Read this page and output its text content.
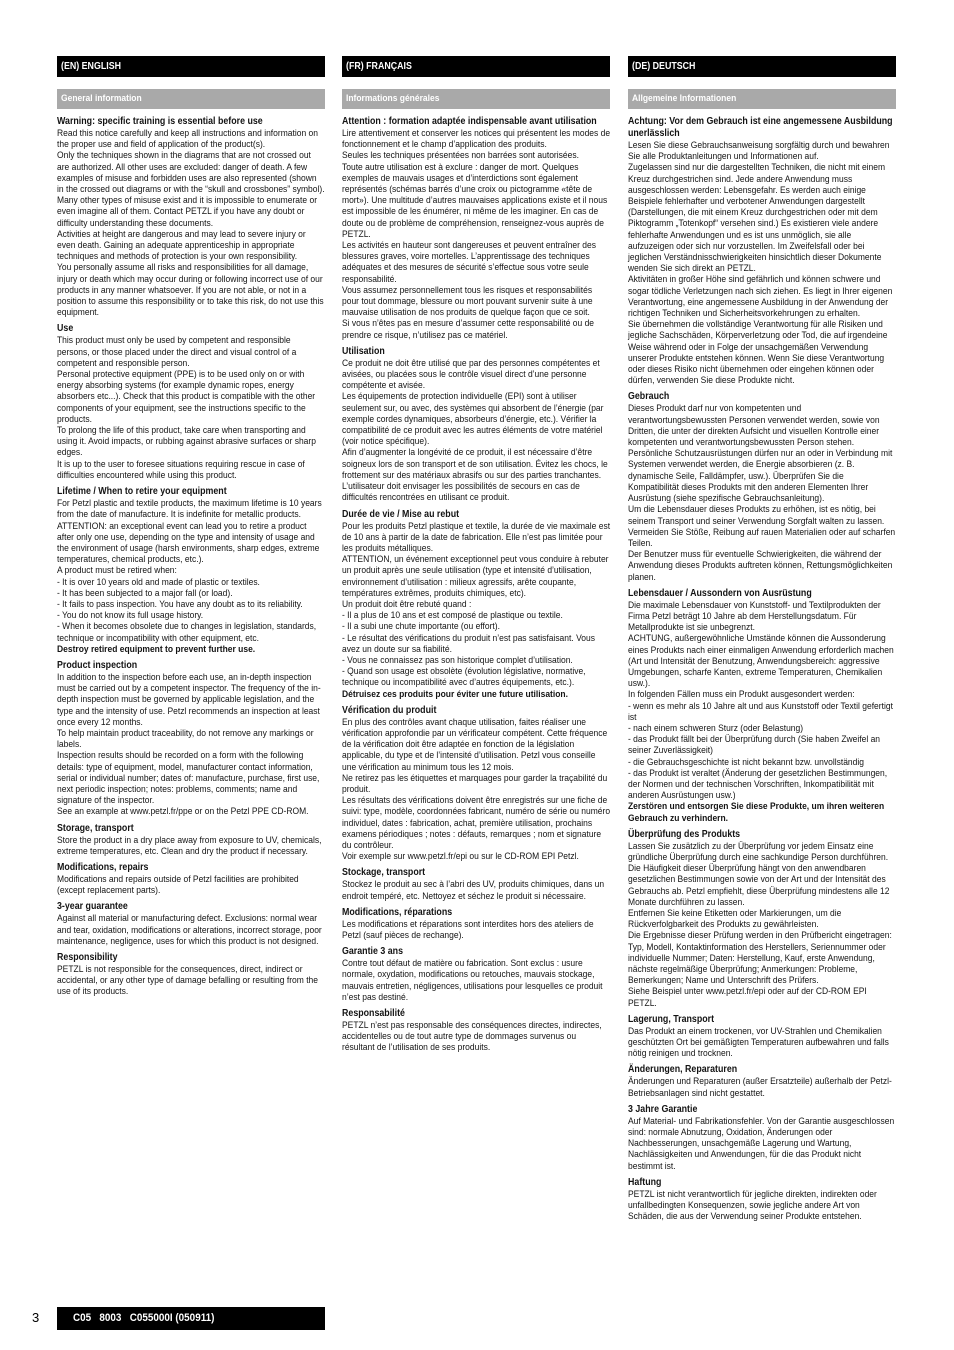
(EN) ENGLISH
General information
Warning: specific training is essential before use
Read this notice carefully and keep all instructions and information on the proper use and field of application of the product(s).
Only the techniques shown in the diagrams that are not crossed out are authorized. All other uses are excluded: danger of death. A few examples of misuse and forbidden uses are also represented (shown in the crossed out diagrams or with the “skull and crossbones” symbol). Many other types of misuse exist and it is impossible to enumerate or even imagine all of them. Contact PETZL if you have any doubt or difficulty understanding these documents.
Activities at height are dangerous and may lead to severe injury or even death. Gaining an adequate apprenticeship in appropriate techniques and methods of protection is your own responsibility.
You personally assume all risks and responsibilities for all damage, injury or death which may occur during or following incorrect use of our products in any manner whatsoever. If you are not able, or not in a position to assume this responsibility or to take this risk, do not use this equipment.
Use
This product must only be used by competent and responsible persons, or those placed under the direct and visual control of a competent and responsible person.
Personal protective equipment (PPE) is to be used only on or with energy absorbing systems (for example dynamic ropes, energy absorbers etc...). Check that this product is compatible with the other components of your equipment, see the instructions specific to the products.
To prolong the life of this product, take care when transporting and using it. Avoid impacts, or rubbing against abrasive surfaces or sharp edges.
It is up to the user to foresee situations requiring rescue in case of difficulties encountered while using this product.
Lifetime / When to retire your equipment
For Petzl plastic and textile products, the maximum lifetime is 10 years from the date of manufacture. It is indefinite for metallic products.
ATTENTION: an exceptional event can lead you to retire a product after only one use, depending on the type and intensity of usage and the environment of usage (harsh environments, sharp edges, extreme temperatures, chemical products, etc.).
A product must be retired when:
- It is over 10 years old and made of plastic or textiles.
- It has been subjected to a major fall (or load).
- It fails to pass inspection. You have any doubt as to its reliability.
- You do not know its full usage history.
- When it becomes obsolete due to changes in legislation, standards, technique or incompatibility with other equipment, etc.
Destroy retired equipment to prevent further use.
Product inspection
In addition to the inspection before each use, an in-depth inspection must be carried out by a competent inspector. The frequency of the in-depth inspection must be governed by applicable legislation, and the type and the intensity of use. Petzl recommends an inspection at least once every 12 months.
To help maintain product traceability, do not remove any markings or labels.
Inspection results should be recorded on a form with the following details: type of equipment, model, manufacturer contact information, serial or individual number; dates of: manufacture, purchase, first use, next periodic inspection; notes: problems, comments; name and signature of the inspector.
See an example at www.petzl.fr/ppe or on the Petzl PPE CD-ROM.
Storage, transport
Store the product in a dry place away from exposure to UV, chemicals, extreme temperatures, etc. Clean and dry the product if necessary.
Modifications, repairs
Modifications and repairs outside of Petzl facilities are prohibited (except replacement parts).
3-year guarantee
Against all material or manufacturing defect. Exclusions: normal wear and tear, oxidation, modifications or alterations, incorrect storage, poor maintenance, negligence, uses for which this product is not designed.
Responsibility
PETZL is not responsible for the consequences, direct, indirect or accidental, or any other type of damage befalling or resulting from the use of its products.
(FR) FRANÇAIS
Informations générales
Attention : formation adaptée indispensable avant utilisation
Lire attentivement et conserver les notices qui présentent les modes de fonctionnement et le champ d’application des produits.
Seules les techniques présentées non barrées sont autorisées.
Toute autre utilisation est à exclure : danger de mort. Quelques exemples de mauvais usages et d’interdictions sont également représentés (schémas barrés d’une croix ou pictogramme «tête de mort»). Une multitude d’autres mauvaises applications existe et il nous est impossible de les énumérer, ni même de les imaginer. En cas de doute ou de problème de compréhension, renseignez-vous auprès de PETZL.
Les activités en hauteur sont dangereuses et peuvent entraîner des blessures graves, voire mortelles. L’apprentissage des techniques adéquates et des mesures de sécurité s’effectue sous votre seule responsabilité.
Vous assumez personnellement tous les risques et responsabilités pour tout dommage, blessure ou mort pouvant survenir suite à une mauvaise utilisation de nos produits de quelque façon que ce soit.
Si vous n’êtes pas en mesure d’assumer cette responsabilité ou de prendre ce risque, n’utilisez pas ce matériel.
Utilisation
Ce produit ne doit être utilisé que par des personnes compétentes et avisées, ou placées sous le contrôle visuel direct d’une personne compétente et avisée.
Les équipements de protection individuelle (EPI) sont à utiliser seulement sur, ou avec, des systèmes qui absorbent de l’énergie (par exemple cordes dynamiques, absorbeurs d’énergie, etc.). Vérifier la compatibilité de ce produit avec les autres éléments de votre matériel (voir notice spécifique).
Afin d’augmenter la longévité de ce produit, il est nécessaire d’être soigneux lors de son transport et de son utilisation. Évitez les chocs, le frottement sur des matériaux abrasifs ou sur des parties tranchantes.
L’utilisateur doit envisager les possibilités de secours en cas de difficultés rencontrées en utilisant ce produit.
Durée de vie / Mise au rebut
Pour les produits Petzl plastique et textile, la durée de vie maximale est de 10 ans à partir de la date de fabrication. Elle n’est pas limitée pour les produits métalliques.
ATTENTION, un événement exceptionnel peut vous conduire à rebuter un produit après une seule utilisation (type et intensité d’utilisation, environnement d’utilisation : milieux agressifs, arête coupante, températures extrêmes, produits chimiques, etc).
Un produit doit être rebuté quand :
- Il a plus de 10 ans et est composé de plastique ou textile.
- Il a subi une chute importante (ou effort).
- Le résultat des vérifications du produit n’est pas satisfaisant. Vous avez un doute sur sa fiabilité.
- Vous ne connaissez pas son historique complet d’utilisation.
- Quand son usage est obsolète (évolution législative, normative, technique ou incompatibilité avec d’autres équipements, etc.).
Détruisez ces produits pour éviter une future utilisation.
Vérification du produit
En plus des contrôles avant chaque utilisation, faites réaliser une vérification approfondie par un vérificateur compétent. Cette fréquence de la vérification doit être adaptée en fonction de la législation applicable, du type et de l’intensité d’utilisation. Petzl vous conseille une vérification au minimum tous les 12 mois.
Ne retirez pas les étiquettes et marquages pour garder la traçabilité du produit.
Les résultats des vérifications doivent être enregistrés sur une fiche de suivi: type, modèle, coordonnées fabricant, numéro de série ou numéro individuel, dates : fabrication, achat, première utilisation, prochains examens périodiques ; notes : défauts, remarques ; nom et signature du contrôleur.
Voir exemple sur www.petzl.fr/epi ou sur le CD-ROM EPI Petzl.
Stockage, transport
Stockez le produit au sec à l’abri des UV, produits chimiques, dans un endroit tempéré, etc. Nettoyez et séchez le produit si nécessaire.
Modifications, réparations
Les modifications et réparations sont interdites hors des ateliers de Petzl (sauf pièces de rechange).
Garantie 3 ans
Contre tout défaut de matière ou fabrication. Sont exclus : usure normale, oxydation, modifications ou retouches, mauvais stockage, mauvais entretien, négligences, utilisations pour lesquelles ce produit n’est pas destiné.
Responsabilité
PETZL n’est pas responsable des conséquences directes, indirectes, accidentelles ou de tout autre type de dommages survenus ou résultant de l’utilisation de ses produits.
(DE) DEUTSCH
Allgemeine Informationen
Achtung: Vor dem Gebrauch ist eine angemessene Ausbildung unerlässlich
Lesen Sie diese Gebrauchsanweisung sorgfältig durch und bewahren Sie alle Produktanleitungen und Informationen auf.
Zugelassen sind nur die dargestellten Techniken, die nicht mit einem Kreuz durchgestrichen sind. Jede andere Anwendung muss ausgeschlossen werden: Lebensgefahr. Es werden auch einige Beispiele fehlerhafter und verbotener Anwendungen dargestellt (Darstellungen, die mit einem Kreuz durchgestrichen oder mit dem Piktogramm „Totenkopf“ versehen sind.) Es existieren viele andere fehlerhafte Anwendungen und es ist uns unmöglich, sie alle aufzuzeigen oder sich nur vorzustellen. Im Zweifelsfall oder bei jeglichen Verständnisschwierigkeiten hinsichtlich dieser Dokumente wenden Sie sich direkt an PETZL.
Aktivitäten in großer Höhe sind gefährlich und können schwere und sogar tödliche Verletzungen nach sich ziehen. Es liegt in Ihrer eigenen Verantwortung, eine angemessene Ausbildung in der Anwendung der richtigen Techniken und Sicherheitsvorkehrungen zu erhalten.
Sie übernehmen die vollständige Verantwortung für alle Risiken und jegliche Sachschäden, Körperverletzung oder Tod, die auf irgendeine Weise während oder in Folge der unsachgemäßen Verwendung unserer Produkte entstehen können. Wenn Sie diese Verantwortung oder dieses Risiko nicht übernehmen oder eingehen können oder dürfen, verwenden Sie diese Produkte nicht.
Gebrauch
Dieses Produkt darf nur von kompetenten und verantwortungsbewussten Personen verwendet werden, sowie von Dritten, die unter der direkten Aufsicht und visuellen Kontrolle einer kompetenten und verantwortungsbewussten Person stehen.
Persönliche Schutzausrüstungen dürfen nur an oder in Verbindung mit Systemen verwendet werden, die Energie absorbieren (z. B. dynamische Seile, Falldämpfer, usw.). Überprüfen Sie die Kompatibilität dieses Produkts mit den anderen Elementen Ihrer Ausrüstung (siehe spezifische Gebrauchsanleitung).
Um die Lebensdauer dieses Produkts zu erhöhen, ist es nötig, bei seinem Transport und seiner Verwendung Sorgfalt walten zu lassen. Vermeiden Sie Stöße, Reibung auf rauen Materialien oder auf scharfen Teilen.
Der Benutzer muss für eventuelle Schwierigkeiten, die während der Anwendung dieses Produkts auftreten können, Rettungsmöglichkeiten planen.
Lebensdauer / Aussondern von Ausrüstung
Die maximale Lebensdauer von Kunststoff- und Textilprodukten der Firma Petzl beträgt 10 Jahre ab dem Herstellungsdatum. Für Metallprodukte ist sie unbegrenzt.
ACHTUNG, außergewöhnliche Umstände können die Aussonderung eines Produkts nach einer einmaligen Anwendung erforderlich machen (Art und Intensität der Benutzung, Anwendungsbereich: aggressive Umgebungen, scharfe Kanten, extreme Temperaturen, Chemikalien usw.).
In folgenden Fällen muss ein Produkt ausgesondert werden:
- wenn es mehr als 10 Jahre alt und aus Kunststoff oder Textil gefertigt ist
- nach einem schweren Sturz (oder Belastung)
- das Produkt fällt bei der Überprüfung durch (Sie haben Zweifel an seiner Zuverlässigkeit)
- die Gebrauchsgeschichte ist nicht bekannt bzw. unvollständig
- das Produkt ist veraltet (Änderung der gesetzlichen Bestimmungen, der Normen und der technischen Vorschriften, Inkompatibilität mit anderen Ausrüstungen usw.)
Zerstören und entsorgen Sie diese Produkte, um ihren weiteren Gebrauch zu verhindern.
Überprüfung des Produkts
Lassen Sie zusätzlich zu der Überprüfung vor jedem Einsatz eine gründliche Überprüfung durch eine sachkundige Person durchführen. Die Häufigkeit dieser Überprüfung hängt von den anwendbaren gesetzlichen Bestimmungen sowie von der Art und der Intensität des Gebrauchs ab. Petzl empfiehlt, diese Überprüfung mindestens alle 12 Monate durchführen zu lassen.
Entfernen Sie keine Etiketten oder Markierungen, um die Rückverfolgbarkeit des Produkts zu gewährleisten.
Die Ergebnisse dieser Prüfung werden in den Prüfbericht eingetragen: Typ, Modell, Kontaktinformation des Herstellers, Seriennummer oder individuelle Nummer; Daten: Herstellung, Kauf, erste Anwendung, nächste regelmäßige Überprüfung; Anmerkungen: Probleme, Bemerkungen; Name und Unterschrift des Prüfers.
Siehe Beispiel unter www.petzl.fr/epi oder auf der CD-ROM EPI PETZL.
Lagerung, Transport
Das Produkt an einem trockenen, vor UV-Strahlen und Chemikalien geschützten Ort bei gemäßigten Temperaturen aufbewahren und falls nötig reinigen und trocknen.
Änderungen, Reparaturen
Änderungen und Reparaturen (außer Ersatzteile) außerhalb der Petzl-Betriebsanlagen sind nicht gestattet.
3 Jahre Garantie
Auf Material- und Fabrikationsfehler. Von der Garantie ausgeschlossen sind: normale Abnutzung, Oxidation, Änderungen oder Nachbesserungen, unsachgemäße Lagerung und Wartung, Nachlässigkeiten und Anwendungen, für die das Produkt nicht bestimmt ist.
Haftung
PETZL ist nicht verantwortlich für jegliche direkten, indirekten oder unfallbedingten Konsequenzen, sowie jegliche andere Art von Schäden, die aus der Verwendung seiner Produkte entstehen.
3	C05   8003   C055000I (050911)
